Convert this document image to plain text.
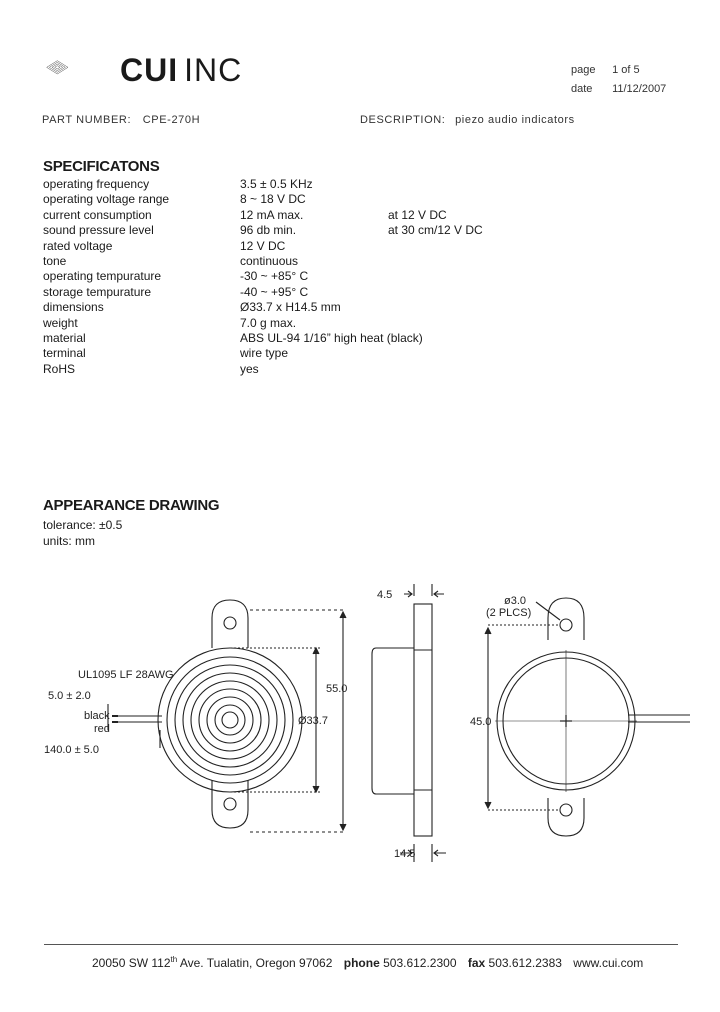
CUI INC	page 1 of 5
date 11/12/2007
PART NUMBER: CPE-270H	DESCRIPTION: piezo audio indicators
SPECIFICATONS
operating frequency	3.5 ± 0.5 KHz
operating voltage range	8 ~ 18 V DC
current consumption	12 mA max.	at 12 V DC
sound pressure level	96 db min.	at 30 cm/12 V DC
rated voltage	12 V DC
tone	continuous
operating tempurature	-30 ~ +85° C
storage tempurature	-40 ~ +95° C
dimensions	Ø33.7 x H14.5 mm
weight	7.0 g max.
material	ABS UL-94 1/16” high heat (black)
terminal	wire type
RoHS	yes
APPEARANCE DRAWING
tolerance: ±0.5
units: mm
UL1095 LF 28AWG
5.0 ± 2.0
black
red
140.0 ± 5.0
55.0
Ø33.7
4.5
14.5
ø3.0
(2 PLCS)
45.0
20050 SW 112th Ave. Tualatin, Oregon 97062 phone 503.612.2300 fax 503.612.2383 www.cui.com
